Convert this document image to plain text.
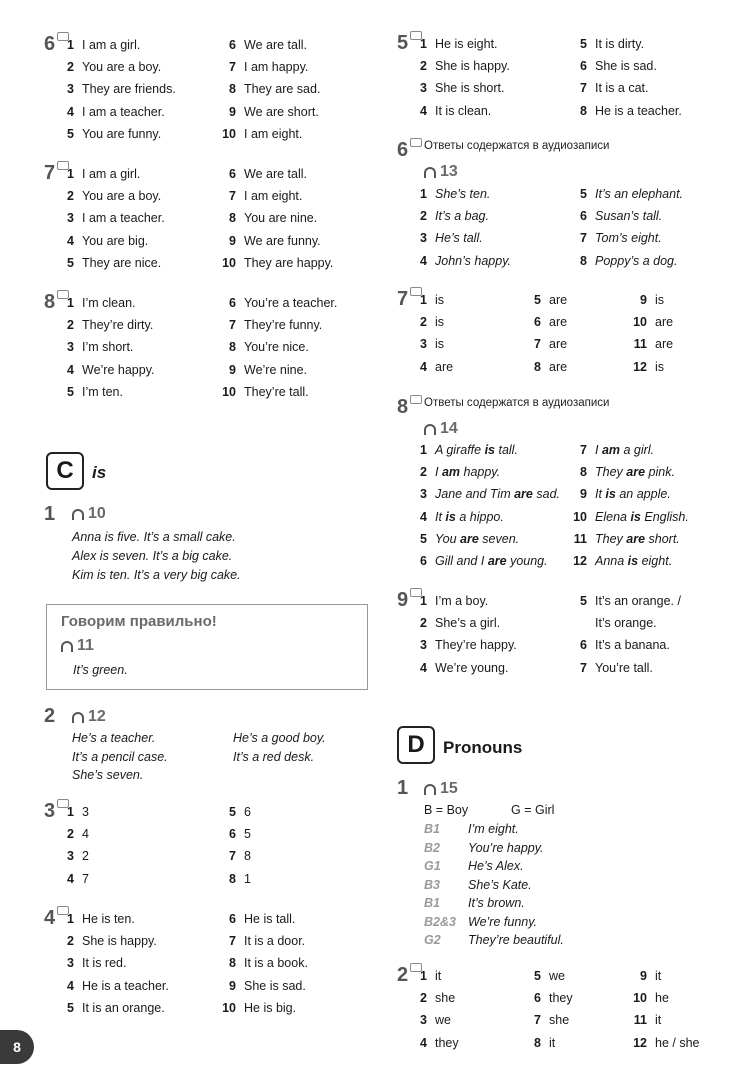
6 1 I am a girl.
2 You are a boy.
3 They are friends.
4 I am a teacher.
5 You are funny.
6 We are tall.
7 I am happy.
8 They are sad.
9 We are short.
10 I am eight.
7 1 I am a girl.
2 You are a boy.
3 I am a teacher.
4 You are big.
5 They are nice.
6 We are tall.
7 I am eight.
8 You are nine.
9 We are funny.
10 They are happy.
8 1 I’m clean.
2 They’re dirty.
3 I’m short.
4 We’re happy.
5 I’m ten.
6 You’re a teacher.
7 They’re funny.
8 You’re nice.
9 We’re nine.
10 They’re tall.
C	is
1	10
Anna is five. It’s a small cake.
Alex is seven. It’s a big cake.
Kim is ten. It’s a very big cake.
Говорим правильно!
11
It’s green.
2	12
He’s a teacher.
It’s a pencil case.
She’s seven.
He’s a good boy.
It’s a red desk.
3 1 3
2 4
3 2
4 7
5 6
6 5
7 8
8 1
4 1 He is ten.
2 She is happy.
3 It is red.
4 He is a teacher.
5 It is an orange.
6 He is tall.
7 It is a door.
8 It is a book.
9 She is sad.
10 He is big.
5 1 He is eight.
2 She is happy.
3 She is short.
4 It is clean.
5 It is dirty.
6 She is sad.
7 It is a cat.
8 He is a teacher.
6 Ответы содержатся в аудиозаписи
13
1 She’s ten.
2 It’s a bag.
3 He’s tall.
4 John’s happy.
5 It’s an elephant.
6 Susan’s tall.
7 Tom’s eight.
8 Poppy’s a dog.
7 1 is
2 is
3 is
4 are
5 are
6 are
7 are
8 are
9 is
10 are
11 are
12 is
8 Ответы содержатся в аудиозаписи
14
1 A giraffe is tall.
2 I am happy.
3 Jane and Tim are sad.
4 It is a hippo.
5 You are seven.
6 Gill and I are young.
7 I am a girl.
8 They are pink.
9 It is an apple.
10 Elena is English.
11 They are short.
12 Anna is eight.
9 1 I’m a boy.
2 She’s a girl.
3 They’re happy.
4 We’re young.
5 It’s an orange. /
It’s orange.
6 It’s a banana.
7 You’re tall.
D	Pronouns
1	15
B = Boy	G = Girl
B1 I’m eight.
B2 You’re happy.
G1 He’s Alex.
B3 She’s Kate.
B1 It’s brown.
B2&3 We’re funny.
G2 They’re beautiful.
2 1 it
2 she
3 we
4 they
5 we
6 they
7 she
8 it
9 it
10 he
11 it
12 he / she
8
